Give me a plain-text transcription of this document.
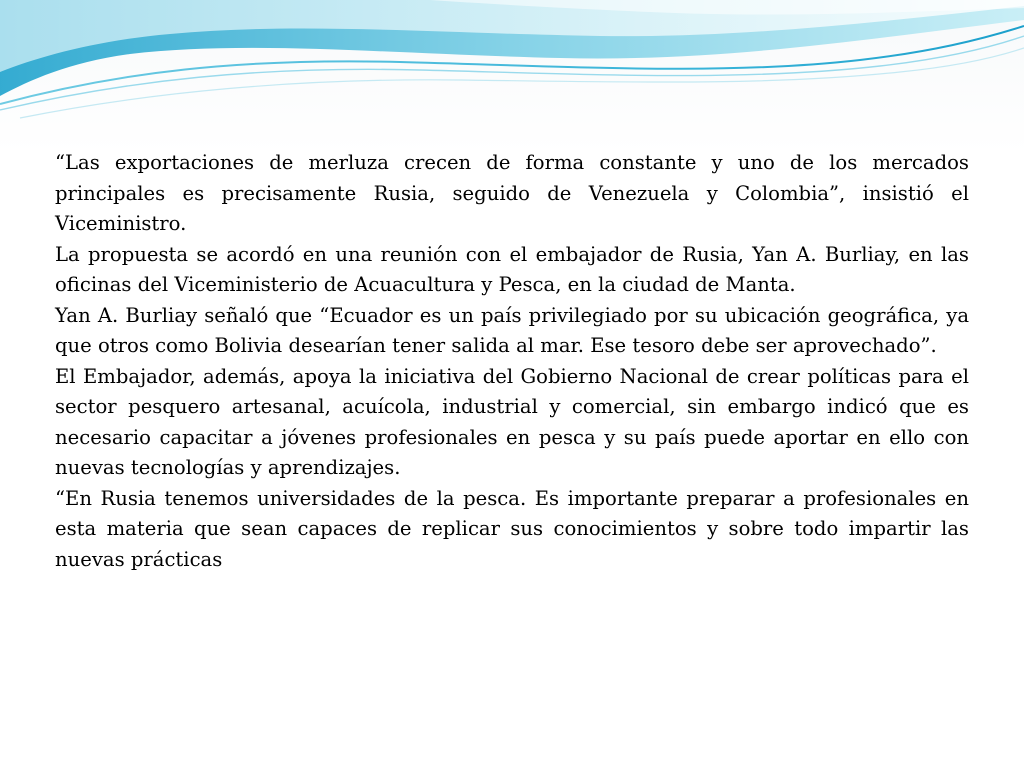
“Las exportaciones de merluza crecen de forma constante y uno de los mercados principales es precisamente Rusia, seguido de Venezuela y Colombia”, insistió el Viceministro.

La propuesta se acordó en una reunión con el embajador de Rusia, Yan A. Burliay, en las oficinas del Viceministerio de Acuacultura y Pesca, en la ciudad de Manta.

Yan A. Burliay señaló que “Ecuador es un país privilegiado por su ubicación geográfica, ya que otros como Bolivia desearían tener salida al mar. Ese tesoro debe ser aprovechado”.

El Embajador, además, apoya la iniciativa del Gobierno Nacional de crear políticas para el sector pesquero artesanal, acuícola, industrial y comercial, sin embargo indicó que es necesario capacitar a jóvenes profesionales en pesca y su país puede aportar en ello con nuevas tecnologías y aprendizajes.

“En Rusia tenemos universidades de la pesca. Es importante preparar a profesionales en esta materia que sean capaces de replicar sus conocimientos y sobre todo impartir las nuevas prácticas
